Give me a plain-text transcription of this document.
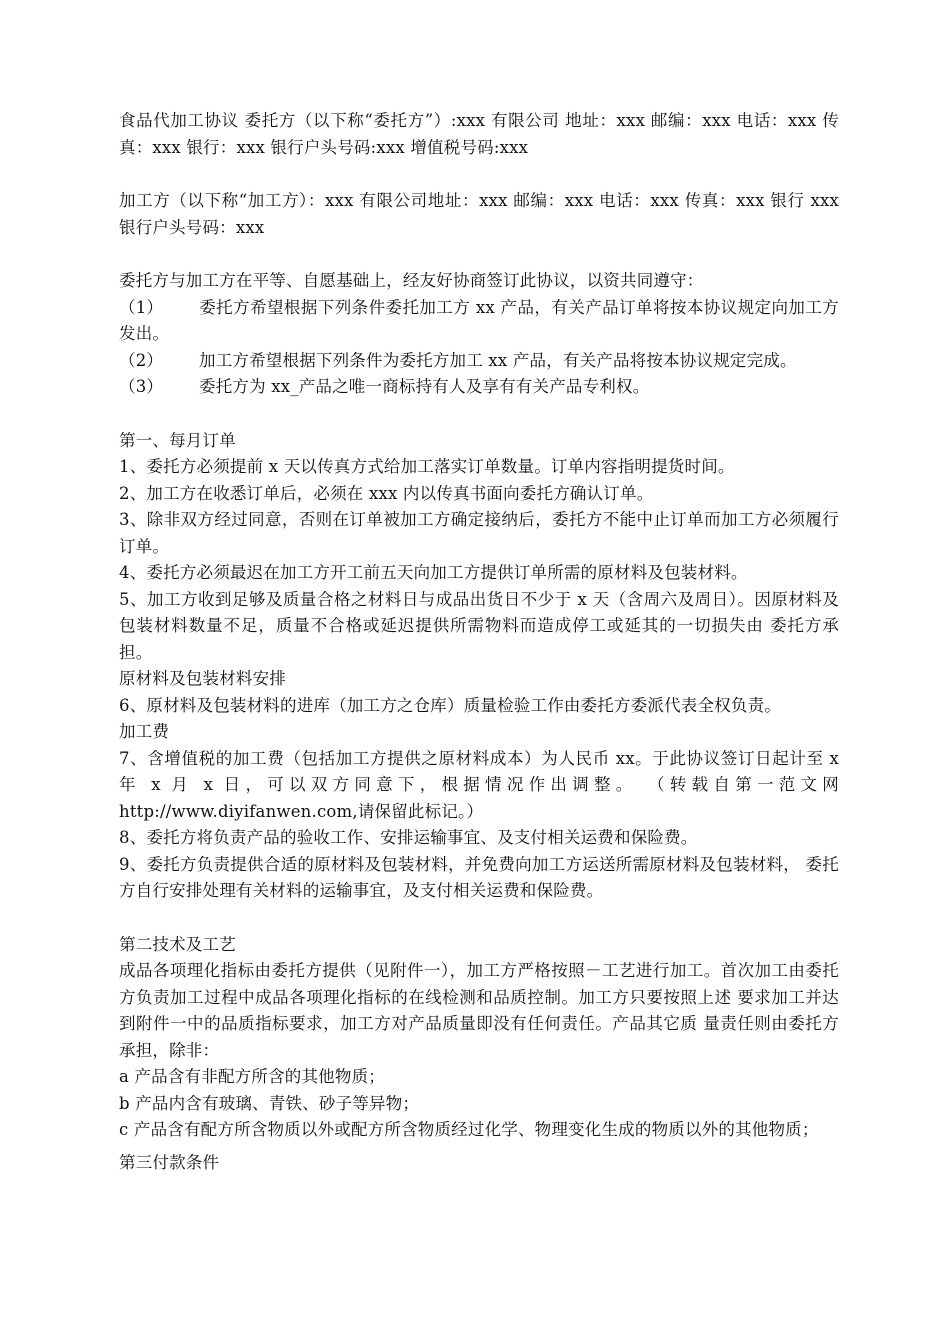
食品代加工协议 委托方（以下称“委托方”）:xxx 有限公司 地址：xxx 邮编：xxx 电话：xxx 传真：xxx 银行：xxx 银行户头号码:xxx 增值税号码:xxx

加工方（以下称“加工方）：xxx 有限公司地址：xxx 邮编：xxx 电话：xxx 传真：xxx 银行 xxx 银行户头号码：xxx

委托方与加工方在平等、自愿基础上，经友好协商签订此协议，以资共同遵守：

（1） 委托方希望根据下列条件委托加工方 xx 产品，有关产品订单将按本协议规定向加工方 发出。

（2） 加工方希望根据下列条件为委托方加工 xx 产品，有关产品将按本协议规定完成。

（3） 委托方为 xx_产品之唯一商标持有人及享有有关产品专利权。

第一、每月订单

1、委托方必须提前 x 天以传真方式给加工落实订单数量。订单内容指明提货时间。

2、加工方在收悉订单后，必须在 xxx 内以传真书面向委托方确认订单。

3、除非双方经过同意，否则在订单被加工方确定接纳后，委托方不能中止订单而加工方必须履行订单。

4、委托方必须最迟在加工方开工前五天向加工方提供订单所需的原材料及包装材料。

5、加工方收到足够及质量合格之材料日与成品出货日不少于 x 天（含周六及周日）。因原材料及包装材料数量不足，质量不合格或延迟提供所需物料而造成停工或延其的一切损失由 委托方承担。

原材料及包装材料安排

6、原材料及包装材料的进库（加工方之仓库）质量检验工作由委托方委派代表全权负责。

加工费

7、含增值税的加工费（包括加工方提供之原材料成本）为人民币 xx。于此协议签订日起计至 x 年 x 月 x 日，可以双方同意下，根据情况作出调整。 （转载自第一范文网 http://www.diyifanwen.com,请保留此标记。）

8、委托方将负责产品的验收工作、安排运输事宜、及支付相关运费和保险费。

9、委托方负责提供合适的原材料及包装材料，并免费向加工方运送所需原材料及包装材料， 委托方自行安排处理有关材料的运输事宜，及支付相关运费和保险费。

第二技术及工艺

成品各项理化指标由委托方提供（见附件一），加工方严格按照－工艺进行加工。首次加工由委托方负责加工过程中成品各项理化指标的在线检测和品质控制。加工方只要按照上述 要求加工并达到附件一中的品质指标要求，加工方对产品质量即没有任何责任。产品其它质 量责任则由委托方承担，除非：

a 产品含有非配方所含的其他物质；

b 产品内含有玻璃、青铁、砂子等异物；

c 产品含有配方所含物质以外或配方所含物质经过化学、物理变化生成的物质以外的其他物质；

第三付款条件
